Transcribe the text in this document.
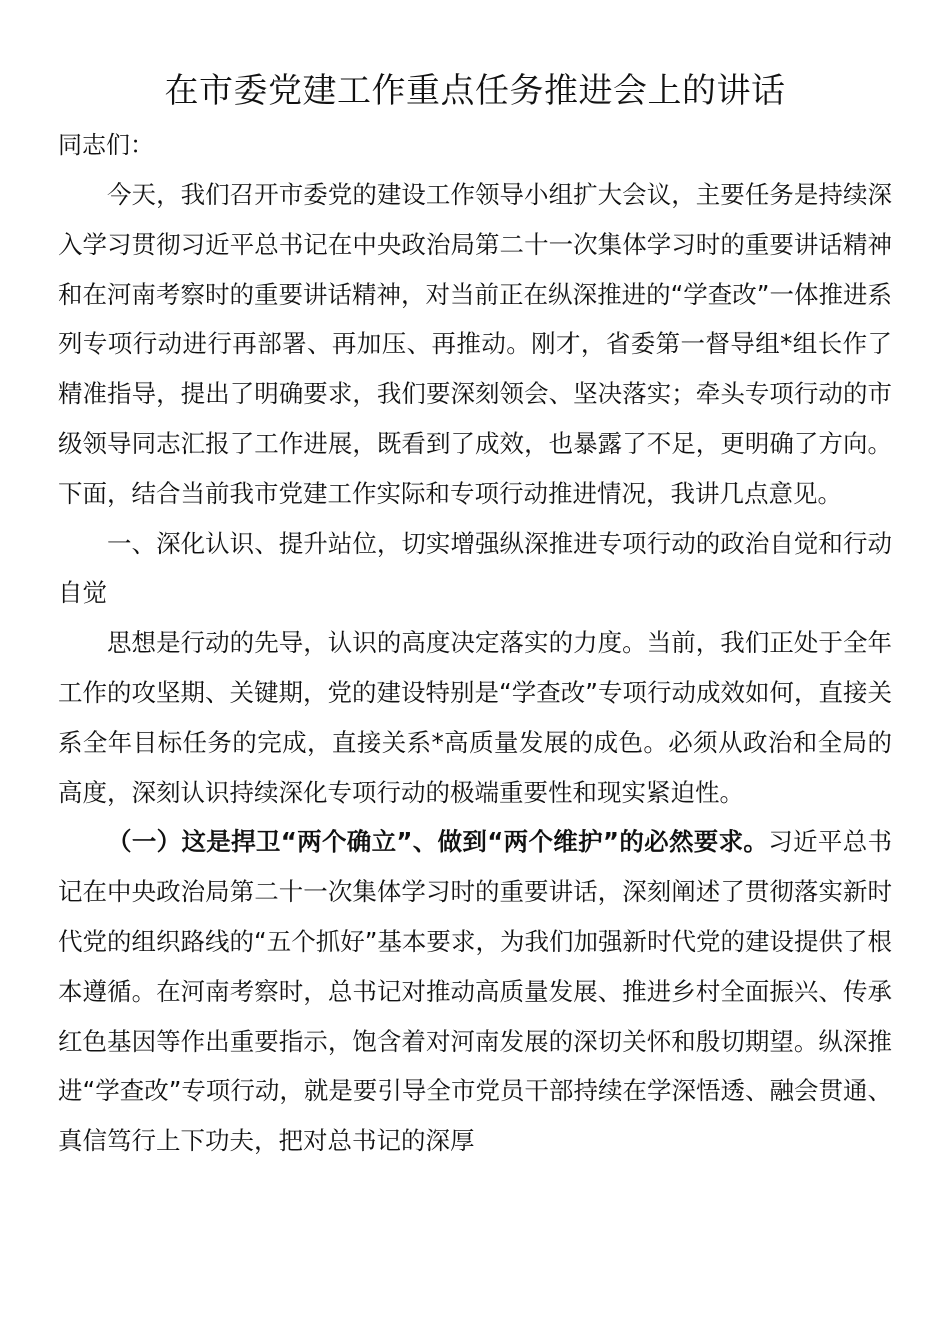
在市委党建工作重点任务推进会上的讲话

同志们：

今天，我们召开市委党的建设工作领导小组扩大会议，主要任务是持续深入学习贯彻习近平总书记在中央政治局第二十一次集体学习时的重要讲话精神和在河南考察时的重要讲话精神，对当前正在纵深推进的“学查改”一体推进系列专项行动进行再部署、再加压、再推动。刚才，省委第一督导组*组长作了精准指导，提出了明确要求，我们要深刻领会、坚决落实；牵头专项行动的市级领导同志汇报了工作进展，既看到了成效，也暴露了不足，更明确了方向。下面，结合当前我市党建工作实际和专项行动推进情况，我讲几点意见。

一、深化认识、提升站位，切实增强纵深推进专项行动的政治自觉和行动自觉

思想是行动的先导，认识的高度决定落实的力度。当前，我们正处于全年工作的攻坚期、关键期，党的建设特别是“学查改”专项行动成效如何，直接关系全年目标任务的完成，直接关系*高质量发展的成色。必须从政治和全局的高度，深刻认识持续深化专项行动的极端重要性和现实紧迫性。

（一）这是捍卫“两个确立”、做到“两个维护”的必然要求。习近平总书记在中央政治局第二十一次集体学习时的重要讲话，深刻阐述了贯彻落实新时代党的组织路线的“五个抓好”基本要求，为我们加强新时代党的建设提供了根本遵循。在河南考察时，总书记对推动高质量发展、推进乡村全面振兴、传承红色基因等作出重要指示，饱含着对河南发展的深切关怀和殷切期望。纵深推进“学查改”专项行动，就是要引导全市党员干部持续在学深悟透、融会贯通、真信笃行上下功夫，把对总书记的深厚
